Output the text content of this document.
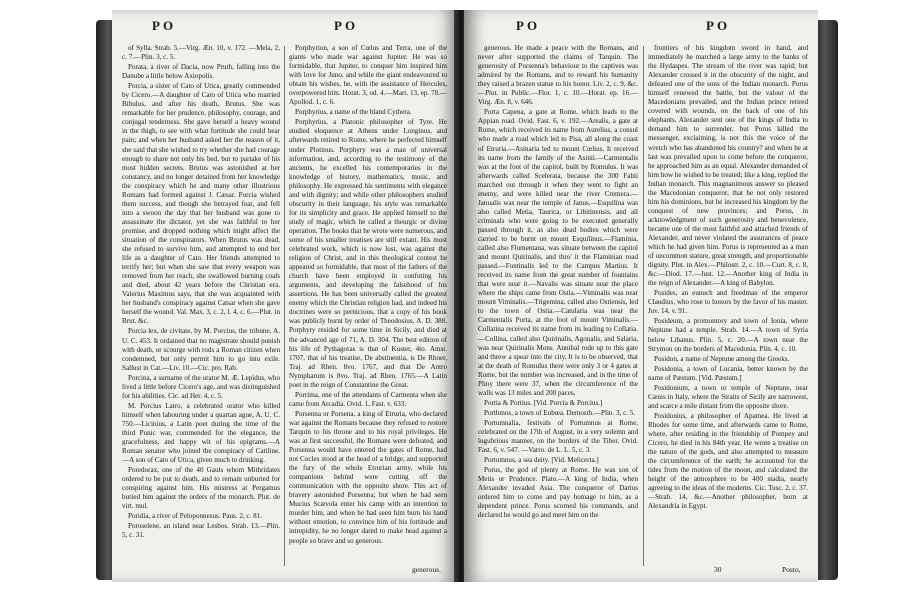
PO	PO

of Sylla. Strab. 5.—Virg. Æn. 10, v. 172. —Mela, 2, c. 7.—Plin. 3, c. 5.

Porata, a river of Dacia, now Pruth, falling into the Danube a little below Axiopolis.

Porcia, a sister of Cato of Utica, greatly commended by Cicero.—A daughter of Cato of Utica who married Bibulus, and after his death, Brutus. She was remarkable for her prudence, philosophy, courage, and conjugal tenderness. She gave herself a heavy wound in the thigh, to see with what fortitude she could bear pain; and when her husband asked her the reason of it, she said that she wished to try whether she had courage enough to share not only his bed, but to partake of his most hidden secrets. Brutus was astonished at her constancy, and no longer detained from her knowledge the conspiracy which he and many other illustrious Romans had formed against J. Cæsar. Porcia wished them success, and though she betrayed fear, and fell into a swoon the day that her husband was gone to assassinate the dictator, yet she was faithful to her promise, and dropped nothing which might affect the situation of the conspirators. When Brutus was dead, she refused to survive him, and attempted to end her life as a daughter of Cato. Her friends attempted to terrify her; but when she saw that every weapon was removed from her reach, she swallowed burning coals and died, about 42 years before the Christian era. Valerius Maximus says, that she was acquainted with her husband's conspiracy against Cæsar when she gave herself the wound. Val. Max. 3, c. 2, l. 4, c. 6.—Plut. in Brut. &c.

Porcia lex, de civitate, by M. Porcius, the tribune, A. U. C. 453. It ordained that no magistrate should punish with death, or scourge with rods a Roman citizen when condemned, but only permit him to go into exile. Sallust in Cat.—Liv. 10.—Cic. pro. Rab.

Porcina, a surname of the orator M. Æ. Lepidus, who lived a little before Cicero's age, and was distinguished for his abilities. Cic. ad Her. 4, c. 5.

M. Porcius Latro, a celebrated orator who killed himself when labouring under a quartan ague, A. U. C. 750.—Licinius, a Latin poet during the time of the third Punic war, commended for the elegance, the gracefulness, and happy wit of his epigrams.—A Roman senator who joined the conspiracy of Catiline.—A son of Cato of Utica, given much to drinking.

Poredorax, one of the 40 Gauls whom Mithridates ordered to be put to death, and to remain unburied for conspiring against him. His mistress at Pergamus buried him against the orders of the monarch. Plut. de virt. mul.

Poridia, a river of Peloponnesus. Paus. 2, c. 81.

Poroselene, an island near Lesbos. Strab. 13.—Plin. 5, c. 31.

Porphyrion, a son of Cœlus and Terra, one of the giants who made war against Jupiter. He was so formidable, that Jupiter, to conquer him inspired him with love for Juno, and while the giant endeavoured to obtain his wishes, he, with the assistance of Hercules, overpowered him. Horat. 3, od. 4.—Mart. 13, ep. 78.—Apollod. 1, c. 6.

Porphyrius, a name of the bland Cythera.

Porphyrius, a Platonic philosopher of Tyre. He studied eloquence at Athens under Longinus, and afterwards retired to Rome, where he perfected himself under Plotinus. Porphyry was a man of universal information, and, according to the testimony of the ancients, he excelled his contemporaries in the knowledge of history, mathematics, music, and philosophy. He expressed his sentiments with elegance and with dignity; and while other philosophers studied obscurity in their language, his style was remarkable for its simplicity and grace. He applied himself to the study of magic, which he called a theurgic or divine operation. The books that he wrote were numerous, and some of his smaller treatises are still extant. His most celebrated work, which is now lost, was against the religion of Christ, and in this theological contest he appeared so formidable, that most of the fathers of the church have been employed in confuting his arguments, and developing the falsehood of his assertions. He has been universally called the greatest enemy which the Christian religion had, and indeed his doctrines were so pernicious, that a copy of his book was publicly burnt by order of Theodosius, A. D. 388. Porphyry resided for some time in Sicily, and died at the advanced age of 71, A. D. 304. The best edition of his life of Pythagoras is that of Kuster, 4to. Amst. 1707, that of his treatise, De abstinentia, is De Rhoer, Traj. ad Rhen. 8vo. 1767, and that De Antro Nympharum is 8vo. Traj. ad Rhen. 1765.—A Latin poet in the reign of Constantine the Great.

Porrima, one of the attendants of Carmenta when she came from Arcadia. Ovid. 1, Fast. v. 633.

Porsenna or Porsena, a king of Etruria, who declared war against the Romans because they refused to restore Tarquin to his throne and to his royal privileges. He was at first successful, the Romans were defeated, and Porsenna would have entered the gates of Rome, had not Cocles stood at the head of a bridge, and supported the fury of the whole Etrurian army, while his companions behind were cutting off the communication with the opposite shore. This act of bravery astonished Porsenna; but when he had seen Mucius Scævola enter his camp with an intention to murder him, and when he had seen him burn his hand without emotion, to convince him of his fortitude and intrepidity, he no longer dared to make head against a people so brave and so generous.

generous.
PO	PO

generous. He made a peace with the Romans, and never after supported the claims of Tarquin. The generosity of Porsenna's behaviour to the captives was admired by the Romans, and to reward his humanity they raised a brazen statue to his honor. Liv. 2, c. 9, &c.—Plut. in Public.—Flor. 1, c. 10.—Horat. ep. 16.—Virg. Æn. 8, v. 646.

Porta Capena, a gate at Rome, which leads to the Appian road. Ovid. Fast. 6, v. 192.—Arealis, a gate at Rome, which received its name from Aurelius, a consul who made a road which led to Pisa, all along the coast of Etruria.—Asinaria led to mount Cœlius. It received its name from the family of the Asinii.—Carmentalis was at the foot of the capitol, built by Romulus. It was afterwards called Scelerata, because the 300 Fabii marched out through it when they went to fight an enemy, and were killed near the river Cremera.—Janualis was near the temple of Janus.—Esquilina was also called Metia, Taurica, or Libitinensis, and all criminals who were going to be executed generally passed through it, as also dead bodies which were carried to be burnt on mount Esquilinus.—Flaminia, called also Flumentana, was situate between the capitol and mount Quirinalis, and thro' it the Flaminian road passed.—Fontinalis led to the Campus Martius. It received its name from the great number of fountains that were near it.—Navalis was situate near the place where the ships came from Ostia.—Viminalis was near mount Viminalis.—Trigemina, called also Ostiensis, led to the town of Ostia.—Catularia was near the Carmentalis Porta, at the foot of mount Viminalis.—Collatina received its name from its leading to Collatia.—Collina, called also Quirinalis, Agonalis, and Salaria, was near Quirinalis Mons. Annibal rode up to this gate and threw a spear into the city. It is to be observed, that at the death of Romulus there were only 3 or 4 gates at Rome, but the number was increased, and in the time of Pliny there were 37, when the circumference of the walls was 13 miles and 200 paces.

Portia & Portius. [Vid. Porcia & Porcius.]

Porthmos, a town of Eubœa. Demosth.—Plin. 3, c. 5.

Portumnalia, festivals of Portumnus at Rome, celebrated on the 17th of August, in a very solemn and lugubrious manner, on the borders of the Tiber. Ovid. Fast. 6, v. 547. —Varro. de L. L. 5, c. 3.

Portumnus, a sea deity. [Vid. Melicerta.]

Porus, the god of plenty at Rome. He was son of Metis or Prudence. Plato.—A king of India, when Alexander invaded Asia. The conqueror of Darius ordered him to come and pay homage to him, as a dependent prince. Porus scorned his commands, and declared he would go and meet him on the

frontiers of his kingdom sword in hand, and immediately he marched a large army to the banks of the Hydaspes. The stream of the river was rapid; but Alexander crossed it in the obscurity of the night, and defeated one of the sons of the Indian monarch. Porus himself renewed the battle, but the valour of the Macedonians prevailed, and the Indian prince retired covered with wounds, on the back of one of his elephants. Alexander sent one of the kings of India to demand him to surrender, but Porus killed the messenger, exclaiming, is not this the voice of the wretch who has abandoned his country? and when he at last was prevailed upon to come before the conqueror, he approached him as an equal. Alexander demanded of him how he wished to be treated; like a king, replied the Indian monarch. This magnanimous answer so pleased the Macedonian conqueror, that he not only restored him his dominions, but he increased his kingdom by the conquest of new provinces; and Porus, in acknowledgment of such generosity and benevolence, became one of the most faithful and attached friends of Alexander, and never violated the assurances of peace which he had given him. Porus is represented as a man of uncommon stature, great strength, and proportionable dignity. Plut. in Alex.—Philostr. 2, c. 10.—Curt. 8, c. 8, &c.—Diod. 17.—Just. 12.—Another king of India in the reign of Alexander.—A king of Babylon.

Posides, an eunuch and freedman of the emperor Claudius, who rose to honors by the favor of his master. Juv. 14, v. 91.

Posideum, a promontory and town of Ionia, where Neptune had a temple. Strab. 14.—A town of Syria below Libanus. Plin. 5, c. 20.—A town near the Strymon on the borders of Macedonia. Plin. 4, c. 10.

Posidon, a name of Neptune among the Greeks.

Posidonia, a town of Lucania, better known by the name of Pæstum. [Vid. Pæstum.]

Posidonium, a town or temple of Neptune, near Cænis in Italy, where the Straits of Sicily are narrowest, and scarce a mile distant from the opposite shore.

Posidonius, a philosopher of Apamea. He lived at Rhodes for some time, and afterwards came to Rome, where, after residing in the friendship of Pompey and Cicero, he died in his 84th year. He wrote a treatise on the nature of the gods, and also attempted to measure the circumference of the earth; he accounted for the tides from the motion of the moon, and calculated the height of the atmosphere to be 400 stadia, nearly agreeing to the ideas of the moderns. Cic. Tusc. 2, c. 37.—Strab. 14, &c.—Another philosopher, born at Alexandria in Egypt.

30	Posto,
